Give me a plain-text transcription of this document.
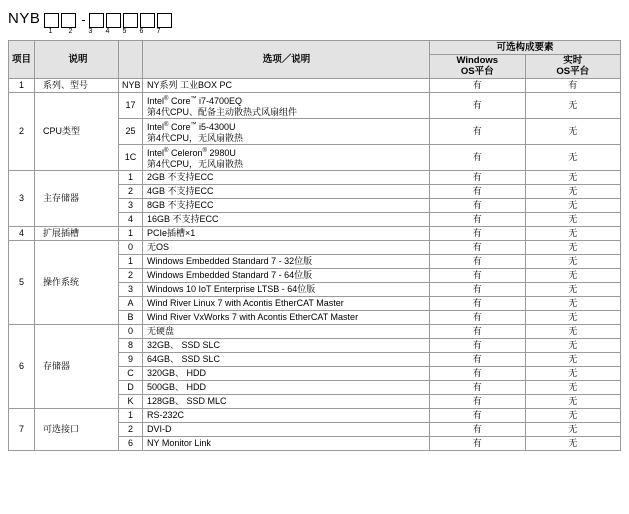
NYB	-
1	2	3	4	5	6	7
项目	说明		选项／说明	可选构成要素	
				Windows
OS平台	实时
OS平台
1	系列、型号	NYB	NY系列 工业BOX PC	有	有
2	CPU类型	17	Intel® Core™ i7-4700EQ
第4代CPU、配备主动散热式风扇组件	有	无
		25	Intel® Core™ i5-4300U
第4代CPU，无风扇散热	有	无
		1C	Intel® Celeron® 2980U
第4代CPU，无风扇散热	有	无
3	主存储器	1	2GB 不支持ECC	有	无
		2	4GB 不支持ECC	有	无
		3	8GB 不支持ECC	有	无
		4	16GB 不支持ECC	有	无
4	扩展插槽	1	PCIe插槽×1	有	无
5	操作系统	0	无OS	有	无
		1	Windows Embedded Standard 7 - 32位版	有	无
		2	Windows Embedded Standard 7 - 64位版	有	无
		3	Windows 10 IoT Enterprise LTSB - 64位版	有	无
		A	Wind River Linux 7 with Acontis EtherCAT Master	有	无
		B	Wind River VxWorks 7 with Acontis EtherCAT Master	有	无
6	存储器	0	无硬盘	有	无
		8	32GB、 SSD SLC	有	无
		9	64GB、 SSD SLC	有	无
		C	320GB、 HDD	有	无
		D	500GB、 HDD	有	无
		K	128GB、 SSD MLC	有	无
7	可选接口	1	RS-232C	有	无
		2	DVI-D	有	无
		6	NY Monitor Link	有	无
